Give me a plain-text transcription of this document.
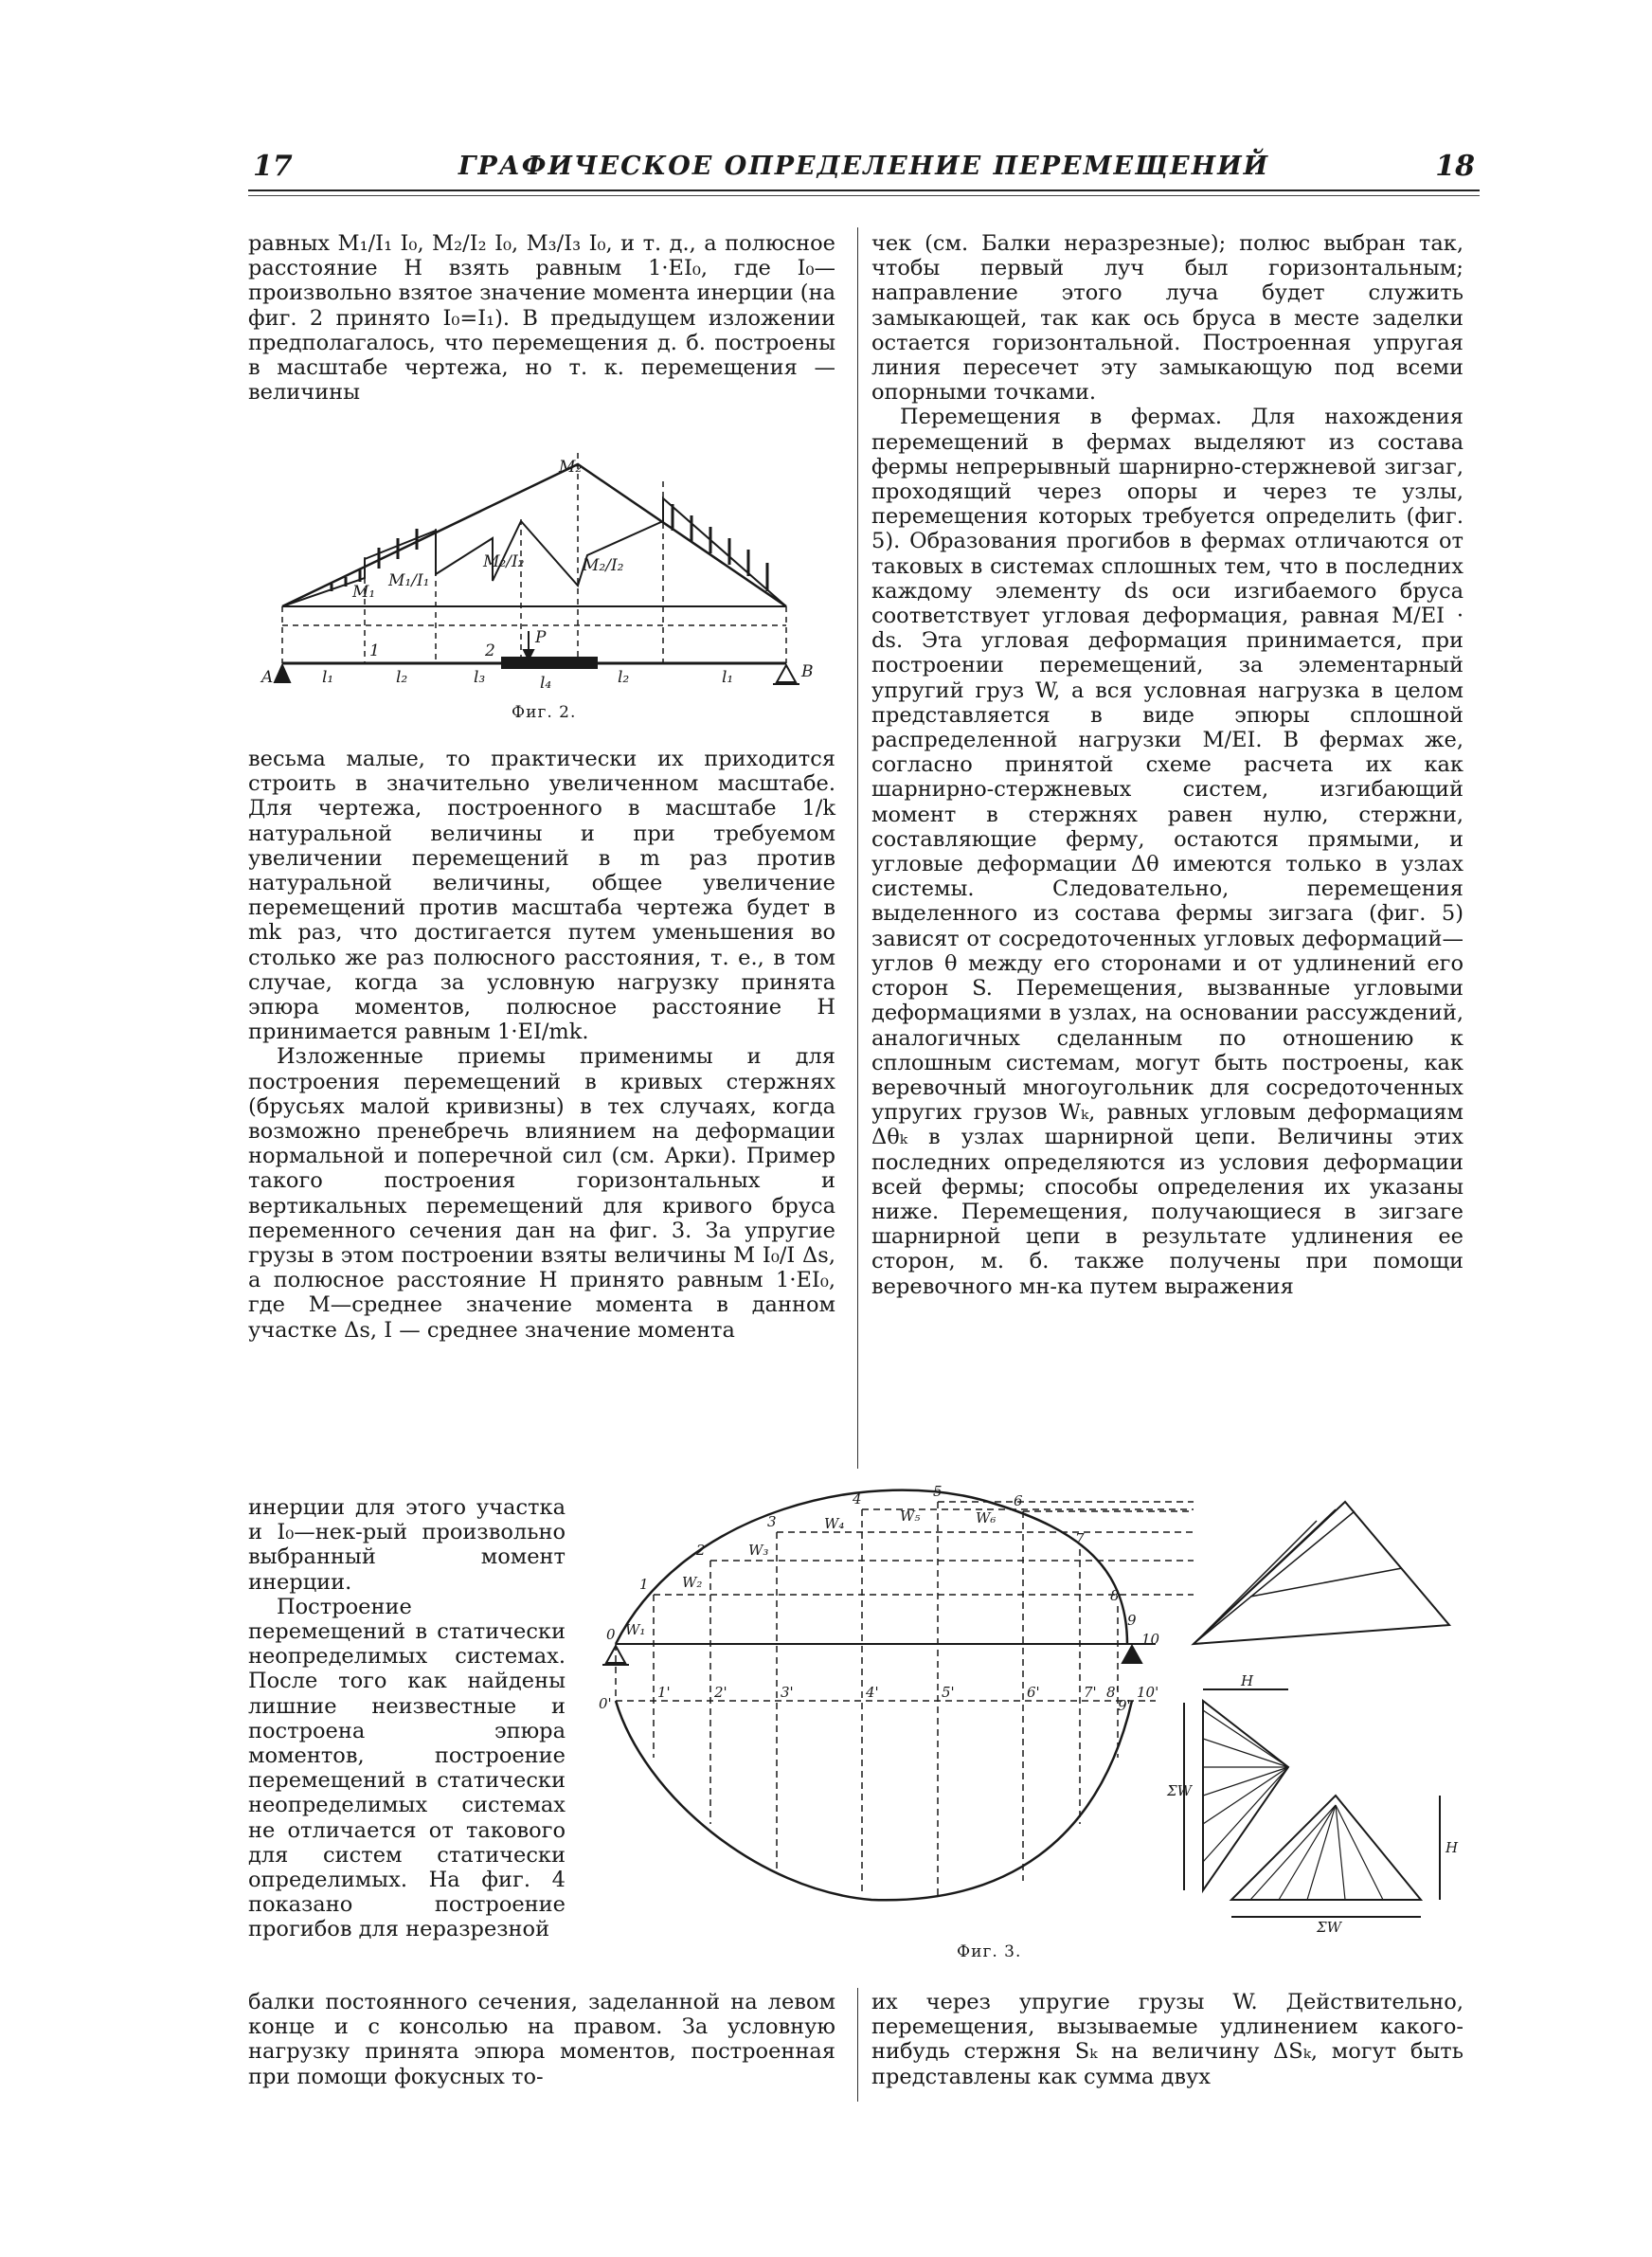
17	ГРАФИЧЕСКОЕ ОПРЕДЕЛЕНИЕ ПЕРЕМЕЩЕНИЙ	18

равных M₁/I₁ I₀, M₂/I₂ I₀, M₃/I₃ I₀, и т. д., а полюсное расстояние H взять равным 1·EI₀, где I₀—произвольно взятое значение момента инерции (на фиг. 2 принято I₀=I₁). В предыдущем изложении предполагалось, что перемещения д. б. построены в масштабе чертежа, но т. к. перемещения — величины

A	B
P
l₁	l₂	l₃	l₄	l₂	l₁
1	2
M₂
M₂/I₂
M₁
M₁/I₁
M₂/I₂
Фиг. 2.

весьма малые, то практически их приходится строить в значительно увеличенном масштабе. Для чертежа, построенного в масштабе 1/k натуральной величины и при требуемом увеличении перемещений в m раз против натуральной величины, общее увеличение перемещений против масштаба чертежа будет в mk раз, что достигается путем уменьшения во столько же раз полюсного расстояния, т. е., в том случае, когда за условную нагрузку принята эпюра моментов, полюсное расстояние H принимается равным 1·EI/mk.

Изложенные приемы применимы и для построения перемещений в кривых стержнях (брусьях малой кривизны) в тех случаях, когда возможно пренебречь влиянием на деформации нормальной и поперечной сил (см. Арки). Пример такого построения горизонтальных и вертикальных перемещений для кривого бруса переменного сечения дан на фиг. 3. За упругие грузы в этом построении взяты величины M I₀/I Δs, а полюсное расстояние H принято равным 1·EI₀, где M—среднее значение момента в данном участке Δs, I — среднее значение момента

инерции для этого участка и I₀—нек-рый произвольно выбранный момент инерции.

Построение перемещений в статически неопределимых системах. После того как найдены лишние неизвестные и построена эпюра моментов, построение перемещений в статически неопределимых системах не отличается от такового для систем статически определимых. На фиг. 4 показано построение прогибов для неразрезной

балки постоянного сечения, заделанной на левом конце и с консолью на правом. За условную нагрузку принята эпюра моментов, построенная при помощи фокусных то-

чек (см. Балки неразрезные); полюс выбран так, чтобы первый луч был горизонтальным; направление этого луча будет служить замыкающей, так как ось бруса в месте заделки остается горизонтальной. Построенная упругая линия пересечет эту замыкающую под всеми опорными точками.

Перемещения в фермах. Для нахождения перемещений в фермах выделяют из состава фермы непрерывный шарнирно-стержневой зигзаг, проходящий через опоры и через те узлы, перемещения которых требуется определить (фиг. 5). Образования прогибов в фермах отличаются от таковых в системах сплошных тем, что в последних каждому элементу ds оси изгибаемого бруса соответствует угловая деформация, равная M/EI · ds. Эта угловая деформация принимается, при построении перемещений, за элементарный упругий груз W, а вся условная нагрузка в целом представляется в виде эпюры сплошной распределенной нагрузки M/EI. В фермах же, согласно принятой схеме расчета их как шарнирно-стержневых систем, изгибающий момент в стержнях равен нулю, стержни, составляющие ферму, остаются прямыми, и угловые деформации Δθ имеются только в узлах системы. Следовательно, перемещения выделенного из состава фермы зигзага (фиг. 5) зависят от сосредоточенных угловых деформаций—углов θ между его сторонами и от удлинений его сторон S. Перемещения, вызванные угловыми деформациями в узлах, на основании рассуждений, аналогичных сделанным по отношению к сплошным системам, могут быть построены, как веревочный многоугольник для сосредоточенных упругих грузов Wₖ, равных угловым деформациям Δθₖ в узлах шарнирной цепи. Величины этих последних определяются из условия деформации всей фермы; способы определения их указаны ниже. Перемещения, получающиеся в зигзаге шарнирной цепи в результате удлинения ее сторон, м. б. также получены при помощи веревочного мн-ка путем выражения

0
1
2
3
4	5
6
7
8
9
10
0'
1'	2'	3'	4'	5'	6'	7' 8'
9'
10'
W₁
W₂
W₃
W₄	W₅	W₆
H
ΣW
H
ΣW
Фиг. 3.

их через упругие грузы W. Действительно, перемещения, вызываемые удлинением какого-нибудь стержня Sₖ на величину ΔSₖ, могут быть представлены как сумма двух
